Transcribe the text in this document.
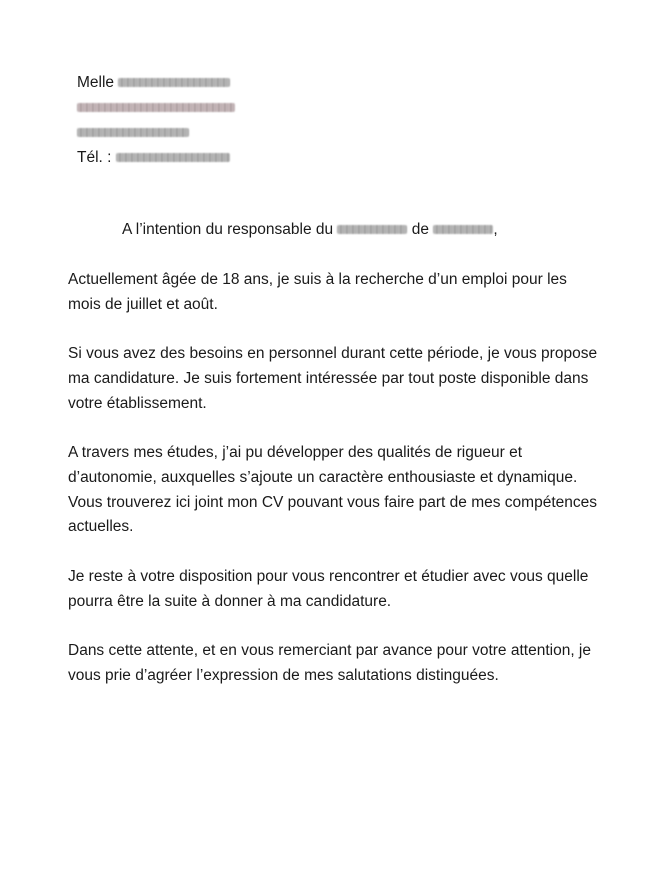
Melle
Tél. :
A l’intention du responsable du	de	,

Actuellement âgée de 18 ans, je suis à la recherche d’un emploi pour les mois de juillet et août.

Si vous avez des besoins en personnel durant cette période, je vous propose ma candidature. Je suis fortement intéressée par tout poste disponible dans votre établissement.

A travers mes études, j’ai pu développer des qualités de rigueur et d’autonomie, auxquelles s’ajoute un caractère enthousiaste et dynamique. Vous trouverez ici joint mon CV pouvant vous faire part de mes compétences actuelles.

Je reste à votre disposition pour vous rencontrer et étudier avec vous quelle pourra être la suite à donner à ma candidature.

Dans cette attente, et en vous remerciant par avance pour votre attention, je vous prie d’agréer l’expression de mes salutations distinguées.
